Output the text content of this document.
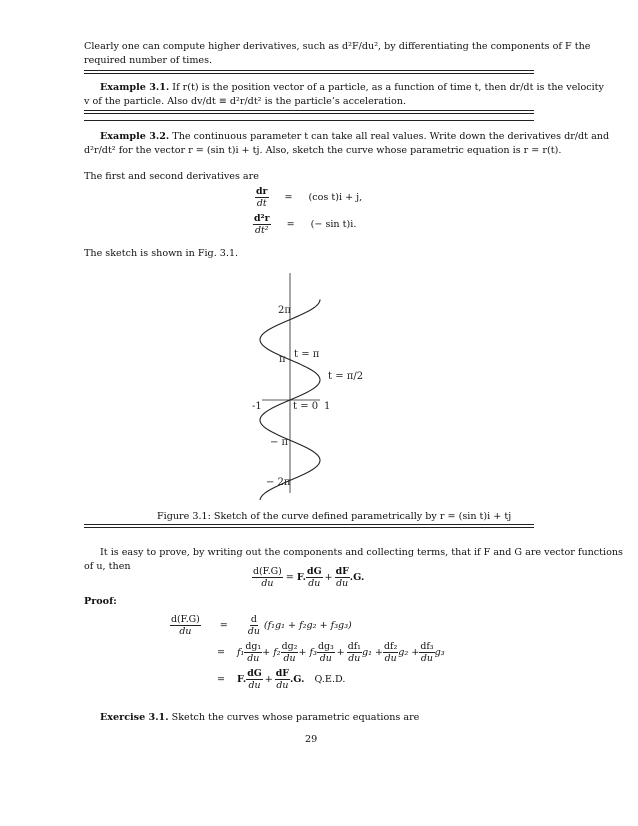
Clearly one can compute higher derivatives, such as d²F/du², by differentiating the components of F the
required number of times.
Example 3.1. If r(t) is the position vector of a particle, as a function of time t, then dr/dt is the velocity
v of the particle. Also dv/dt ≡ d²r/dt² is the particle’s acceleration.
Example 3.2. The continuous parameter t can take all real values. Write down the derivatives dr/dt and
d²r/dt² for the vector r = (sin t)i + tj. Also, sketch the curve whose parametric equation is r = r(t).
The first and second derivatives are
$\frac{dr}{dt}$	=	(cos t)i + j,
$\frac{\text{d²r}}{\text{dt²}}$	=	(− sin t)i.
The sketch is shown in Fig. 3.1.
2π
π t = π
t = π/2
-1	t = 0 1
− π
− 2π
Figure 3.1: Sketch of the curve defined parametrically by r = (sin t)i + tj
It is easy to prove, by writing out the components and collecting terms, that if F and G are vector functions
of u, then	$\frac{d(F.G)}{du} = F$. $\frac{dG}{du} + \frac{dF}{du} .G$.
Proof:
$\frac{d(F.G)}{du}$	=	$\frac{d}{du} (f_1g_1 + f_2g_2 + f_3g_3)$
=	$f_1 \frac{\text{dg₁}}{du} + f_2 \frac{\text{dg₂}}{du} + f_3 \frac{\text{dg₃}}{du} + \frac{\text{df₁}}{du} g_1 + \frac{\text{df₂}}{du} g_2 + \frac{\text{df₃}}{du} g_3$
=	F. $\frac{dG}{du} + \frac{dF}{du} .G$. Q.E.D.
Exercise 3.1. Sketch the curves whose parametric equations are
29
